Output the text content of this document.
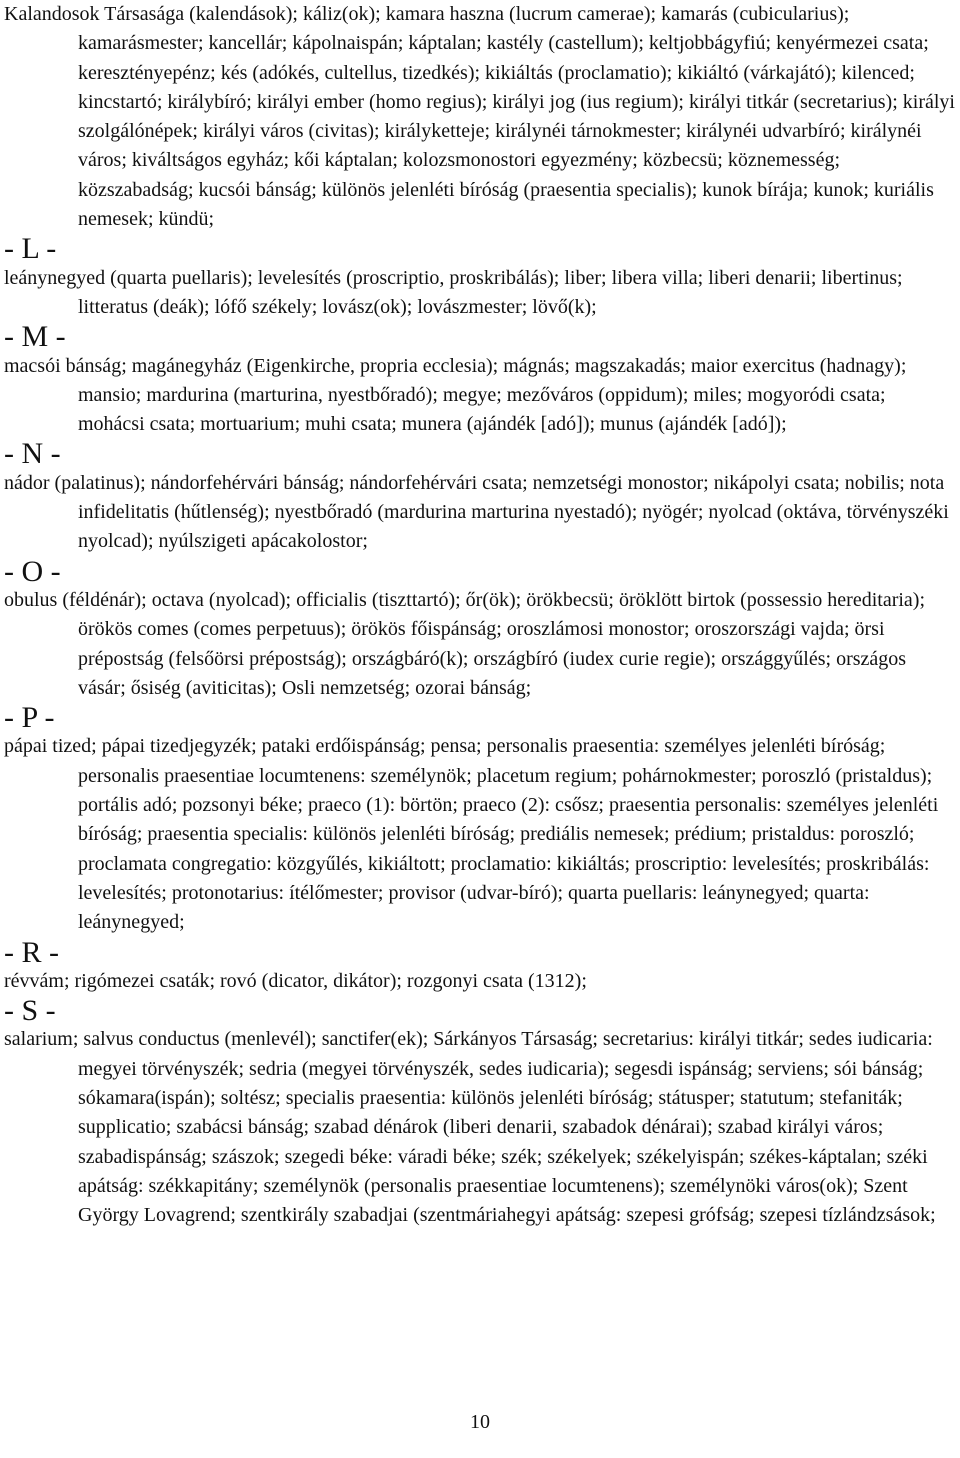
Kalandosok Társasága (kalendások); káliz(ok); kamara haszna (lucrum camerae); kamarás (cubicularius); kamarásmester; kancellár; kápolnaispán; káptalan; kastély (castellum); keltjobbágyfiú; kenyérmezei csata; keresztényepénz; kés (adókés, cultellus, tizedkés); kikiáltás (proclamatio); kikiáltó (várkajátó); kilenced; kincstartó; királybíró; királyi ember (homo regius); királyi jog (ius regium); királyi titkár (secretarius); királyi szolgálónépek; királyi város (civitas); királyketteje; királynéi tárnokmester; királynéi udvarbíró; királynéi város; kiváltságos egyház; kői káptalan; kolozsmonostori egyezmény; közbecsü; köznemesség; közszabadság; kucsói bánság; különös jelenléti bíróság (praesentia specialis); kunok bírája; kunok; kuriális nemesek; kündü;

- L -

leánynegyed (quarta puellaris); levelesítés (proscriptio, proskribálás); liber; libera villa; liberi denarii; libertinus; litteratus (deák); lófő székely; lovász(ok); lovászmester; lövő(k);

- M -

macsói bánság; magánegyház (Eigenkirche, propria ecclesia); mágnás; magszakadás; maior exercitus (hadnagy); mansio; mardurina (marturina, nyestbőradó); megye; mezőváros (oppidum); miles; mogyoródi csata; mohácsi csata; mortuarium; muhi csata; munera (ajándék [adó]); munus (ajándék [adó]);

- N -

nádor (palatinus); nándorfehérvári bánság; nándorfehérvári csata; nemzetségi monostor; nikápolyi csata; nobilis; nota infidelitatis (hűtlenség); nyestbőradó (mardurina marturina nyestadó); nyögér; nyolcad (oktáva, törvényszéki nyolcad); nyúlszigeti apácakolostor;

- O -

obulus (féldénár); octava (nyolcad); officialis (tiszttartó); őr(ök); örökbecsü; öröklött birtok (possessio hereditaria); örökös comes (comes perpetuus); örökös főispánság; oroszlámosi monostor; oroszországi vajda; örsi prépostság (felsőörsi prépostság); országbáró(k); országbíró (iudex curie regie); országgyűlés; országos vásár; ősiség (aviticitas); Osli nemzetség; ozorai bánság;

- P -

pápai tized; pápai tizedjegyzék; pataki erdőispánság; pensa; personalis praesentia: személyes jelenléti bíróság; personalis praesentiae locumtenens: személynök; placetum regium; pohárnokmester; poroszló (pristaldus); portális adó; pozsonyi béke; praeco (1): börtön; praeco (2): csősz; praesentia personalis: személyes jelenléti bíróság; praesentia specialis: különös jelenléti bíróság; prediális nemesek; prédium; pristaldus: poroszló; proclamata congregatio: közgyűlés, kikiáltott; proclamatio: kikiáltás; proscriptio: levelesítés; proskribálás: levelesítés; protonotarius: ítélőmester; provisor (udvar-bíró); quarta puellaris: leánynegyed; quarta: leánynegyed;

- R -

révvám; rigómezei csaták; rovó (dicator, dikátor); rozgonyi csata (1312);

- S -

salarium; salvus conductus (menlevél); sanctifer(ek); Sárkányos Társaság; secretarius: királyi titkár; sedes iudicaria: megyei törvényszék; sedria (megyei törvényszék, sedes iudicaria); segesdi ispánság; serviens; sói bánság; sókamara(ispán); soltész; specialis praesentia: különös jelenléti bíróság; státusper; statutum; stefaniták; supplicatio; szabácsi bánság; szabad dénárok (liberi denarii, szabadok dénárai); szabad királyi város; szabadispánság; szászok; szegedi béke: váradi béke; szék; székelyek; székelyispán; székes-káptalan; széki apátság: székkapitány; személynök (personalis praesentiae locumtenens); személynöki város(ok); Szent György Lovagrend; szentkirály szabadjai (szentmáriahegyi apátság: szepesi grófság; szepesi tízlándzsások;

10
